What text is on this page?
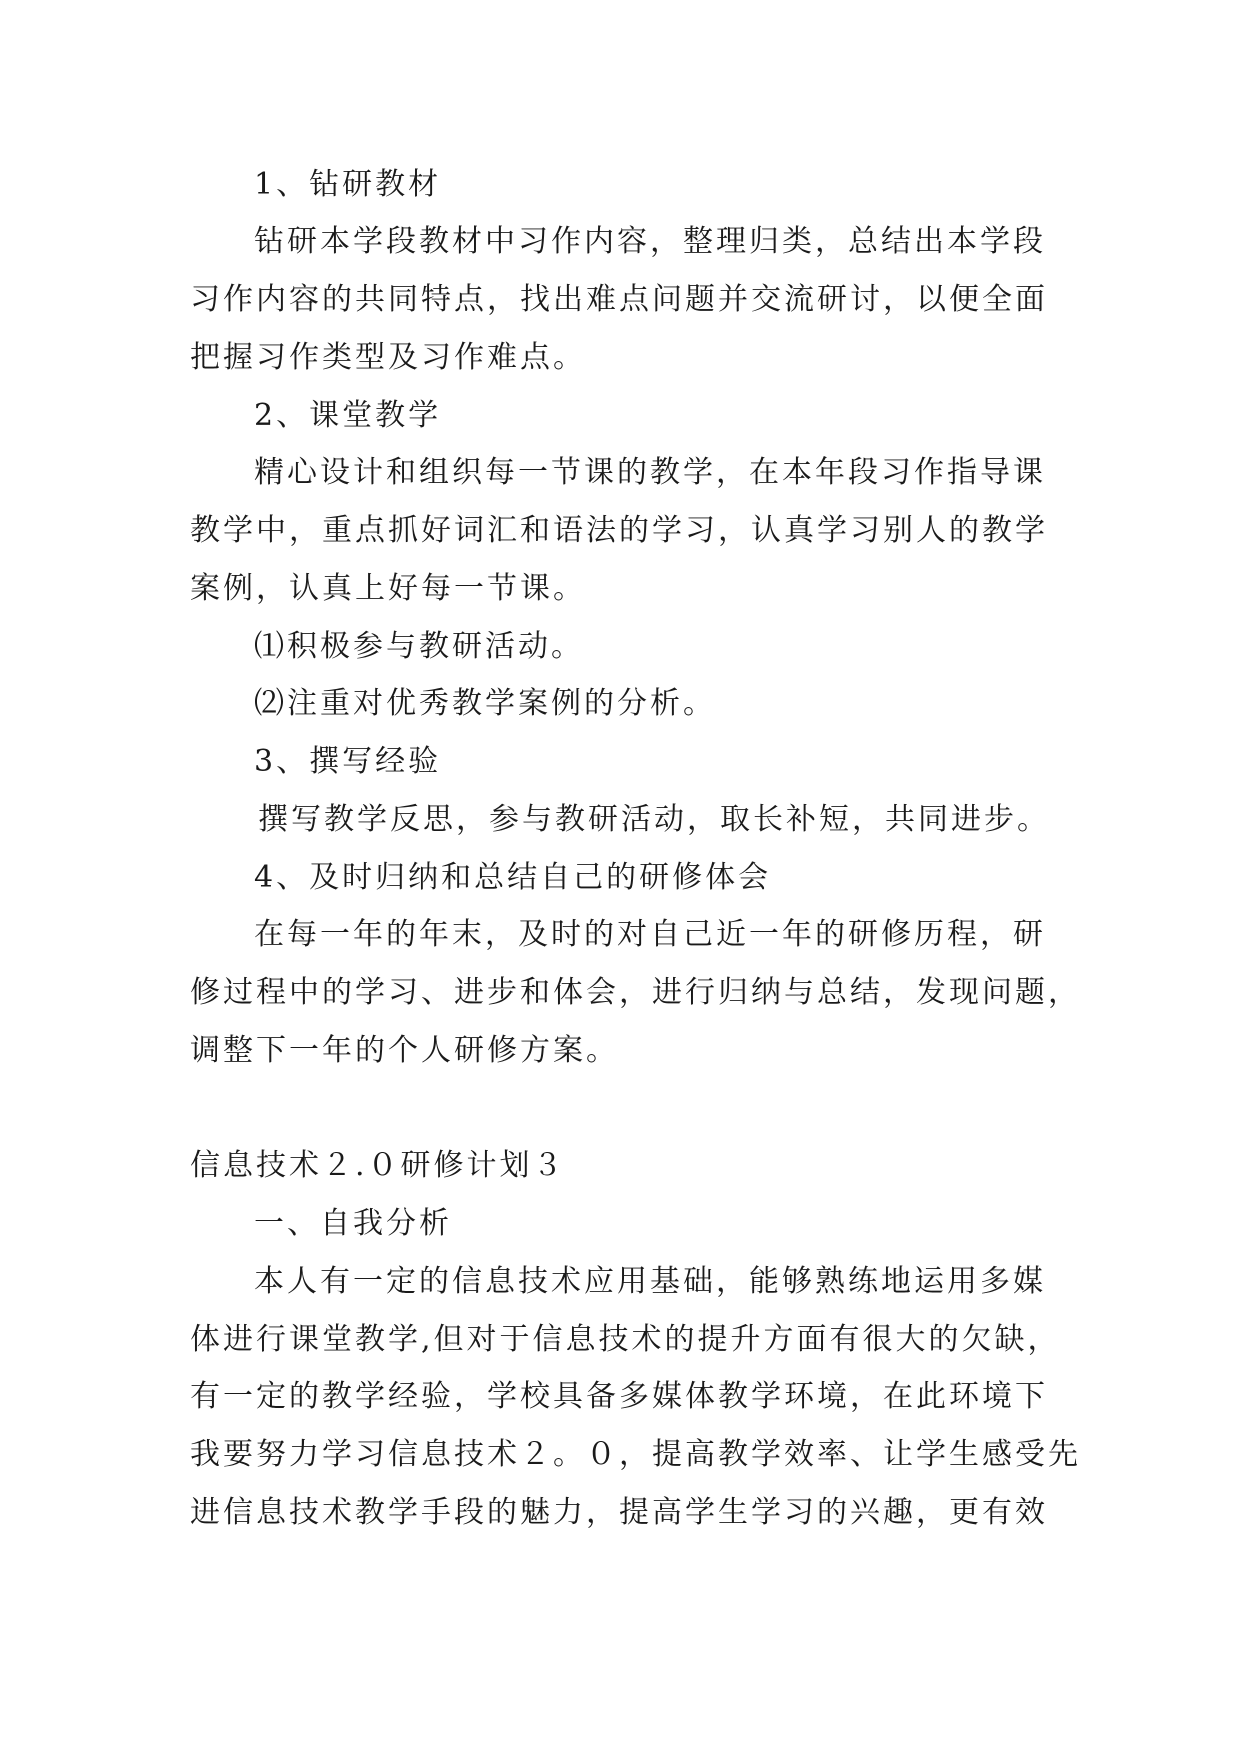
1、钻研教材
钻研本学段教材中习作内容，整理归类，总结出本学段
习作内容的共同特点，找出难点问题并交流研讨，以便全面
把握习作类型及习作难点。
2、课堂教学
精心设计和组织每一节课的教学，在本年段习作指导课
教学中，重点抓好词汇和语法的学习，认真学习别人的教学
案例，认真上好每一节课。
⑴积极参与教研活动。
⑵注重对优秀教学案例的分析。
3、撰写经验
撰写教学反思，参与教研活动，取长补短，共同进步。
4、及时归纳和总结自己的研修体会
在每一年的年末，及时的对自己近一年的研修历程，研
修过程中的学习、进步和体会，进行归纳与总结，发现问题，
调整下一年的个人研修方案。
信息技术２.０研修计划３
一、自我分析
本人有一定的信息技术应用基础，能够熟练地运用多媒
体进行课堂教学,但对于信息技术的提升方面有很大的欠缺，
有一定的教学经验，学校具备多媒体教学环境，在此环境下
我要努力学习信息技术２。０，提高教学效率、让学生感受先
进信息技术教学手段的魅力，提高学生学习的兴趣，更有效
